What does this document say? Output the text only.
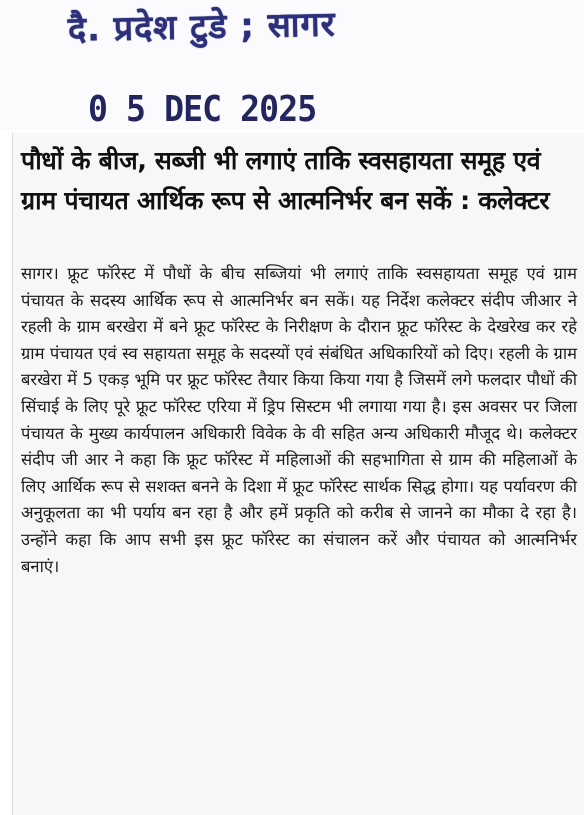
दै. प्रदेश टुडे ; सागर
0 5 DEC 2025
पौधों के बीज, सब्जी भी लगाएं ताकि स्वसहायता समूह एवं ग्राम पंचायत आर्थिक रूप से आत्मनिर्भर बन सकें : कलेक्टर

सागर। फ्रूट फॉरेस्ट में पौधों के बीच सब्जियां भी लगाएं ताकि स्वसहायता समूह एवं ग्राम पंचायत के सदस्य आर्थिक रूप से आत्मनिर्भर बन सकें। यह निर्देश कलेक्टर संदीप जीआर ने रहली के ग्राम बरखेरा में बने फ्रूट फॉरेस्ट के निरीक्षण के दौरान फ्रूट फॉरेस्ट के देखरेख कर रहे ग्राम पंचायत एवं स्व सहायता समूह के सदस्यों एवं संबंधित अधिकारियों को दिए। रहली के ग्राम बरखेरा में 5 एकड़ भूमि पर फ्रूट फॉरेस्ट तैयार किया किया गया है जिसमें लगे फलदार पौधों की सिंचाई के लिए पूरे फ्रूट फॉरेस्ट एरिया में ड्रिप सिस्टम भी लगाया गया है। इस अवसर पर जिला पंचायत के मुख्य कार्यपालन अधिकारी विवेक के वी सहित अन्य अधिकारी मौजूद थे। कलेक्टर संदीप जी आर ने कहा कि फ्रूट फॉरेस्ट में महिलाओं की सहभागिता से ग्राम की महिलाओं के लिए आर्थिक रूप से सशक्त बनने के दिशा में फ्रूट फॉरेस्ट सार्थक सिद्ध होगा। यह पर्यावरण की अनुकूलता का भी पर्याय बन रहा है और हमें प्रकृति को करीब से जानने का मौका दे रहा है। उन्होंने कहा कि आप सभी इस फ्रूट फॉरेस्ट का संचालन करें और पंचायत को आत्मनिर्भर बनाएं।
